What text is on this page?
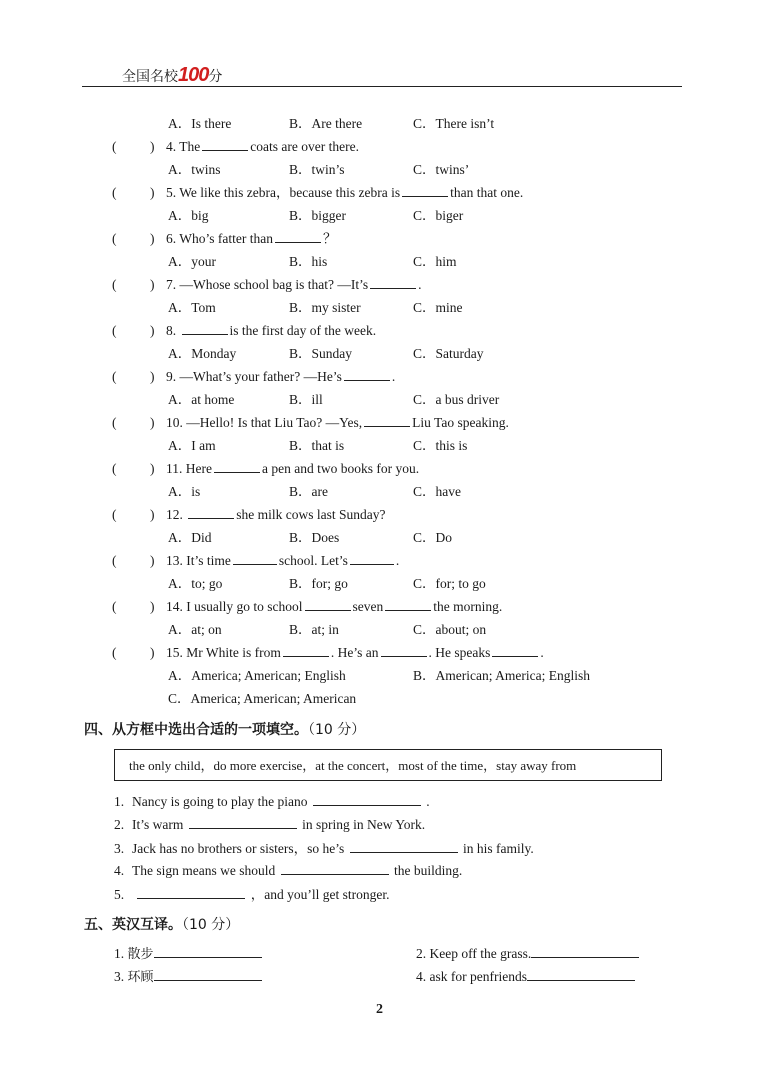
全国名校100分
A．Is there	B．Are there	C．There isn’t
( ) 4. The	coats are over there.
A．twins	B．twin’s	C．twins’
( ) 5. We like this zebra，because this zebra is	than that one.
A．big	B．bigger	C．biger
( ) 6. Who’s fatter than	？
A．your	B．his	C．him
( ) 7. —Whose school bag is that? —It’s	.
A．Tom	B．my sister	C．mine
( ) 8.	is the first day of the week.
A．Monday	B．Sunday	C．Saturday
( ) 9. —What’s your father? —He’s	.
A．at home	B．ill	C．a bus driver
( ) 10. —Hello! Is that Liu Tao? —Yes,	Liu Tao speaking.
A．I am	B．that is	C．this is
( ) 11. Here	a pen and two books for you.
A．is	B．are	C．have
( ) 12.	she milk cows last Sunday?
A．Did	B．Does	C．Do
( ) 13. It’s time	school. Let’s	.
A．to; go	B．for; go	C．for; to go
( ) 14. I usually go to school	seven	the morning.
A．at; on	B．at; in	C．about; on
( ) 15. Mr White is from	. He’s an	. He speaks	.
A．America; American; English	B．American; America; English
C．America; American; American
四、从方框中选出合适的一项填空。（10 分）
the only child，do more exercise，at the concert，most of the time，stay away from
1. Nancy is going to play the piano	.
2. It’s warm	in spring in New York.
3. Jack has no brothers or sisters，so he’s	in his family.
4. The sign means we should	the building.
5.	，and you’ll get stronger.
五、英汉互译。（10 分）
1. 散步	2. Keep off the grass.
3. 环顾	4. ask for penfriends
2
